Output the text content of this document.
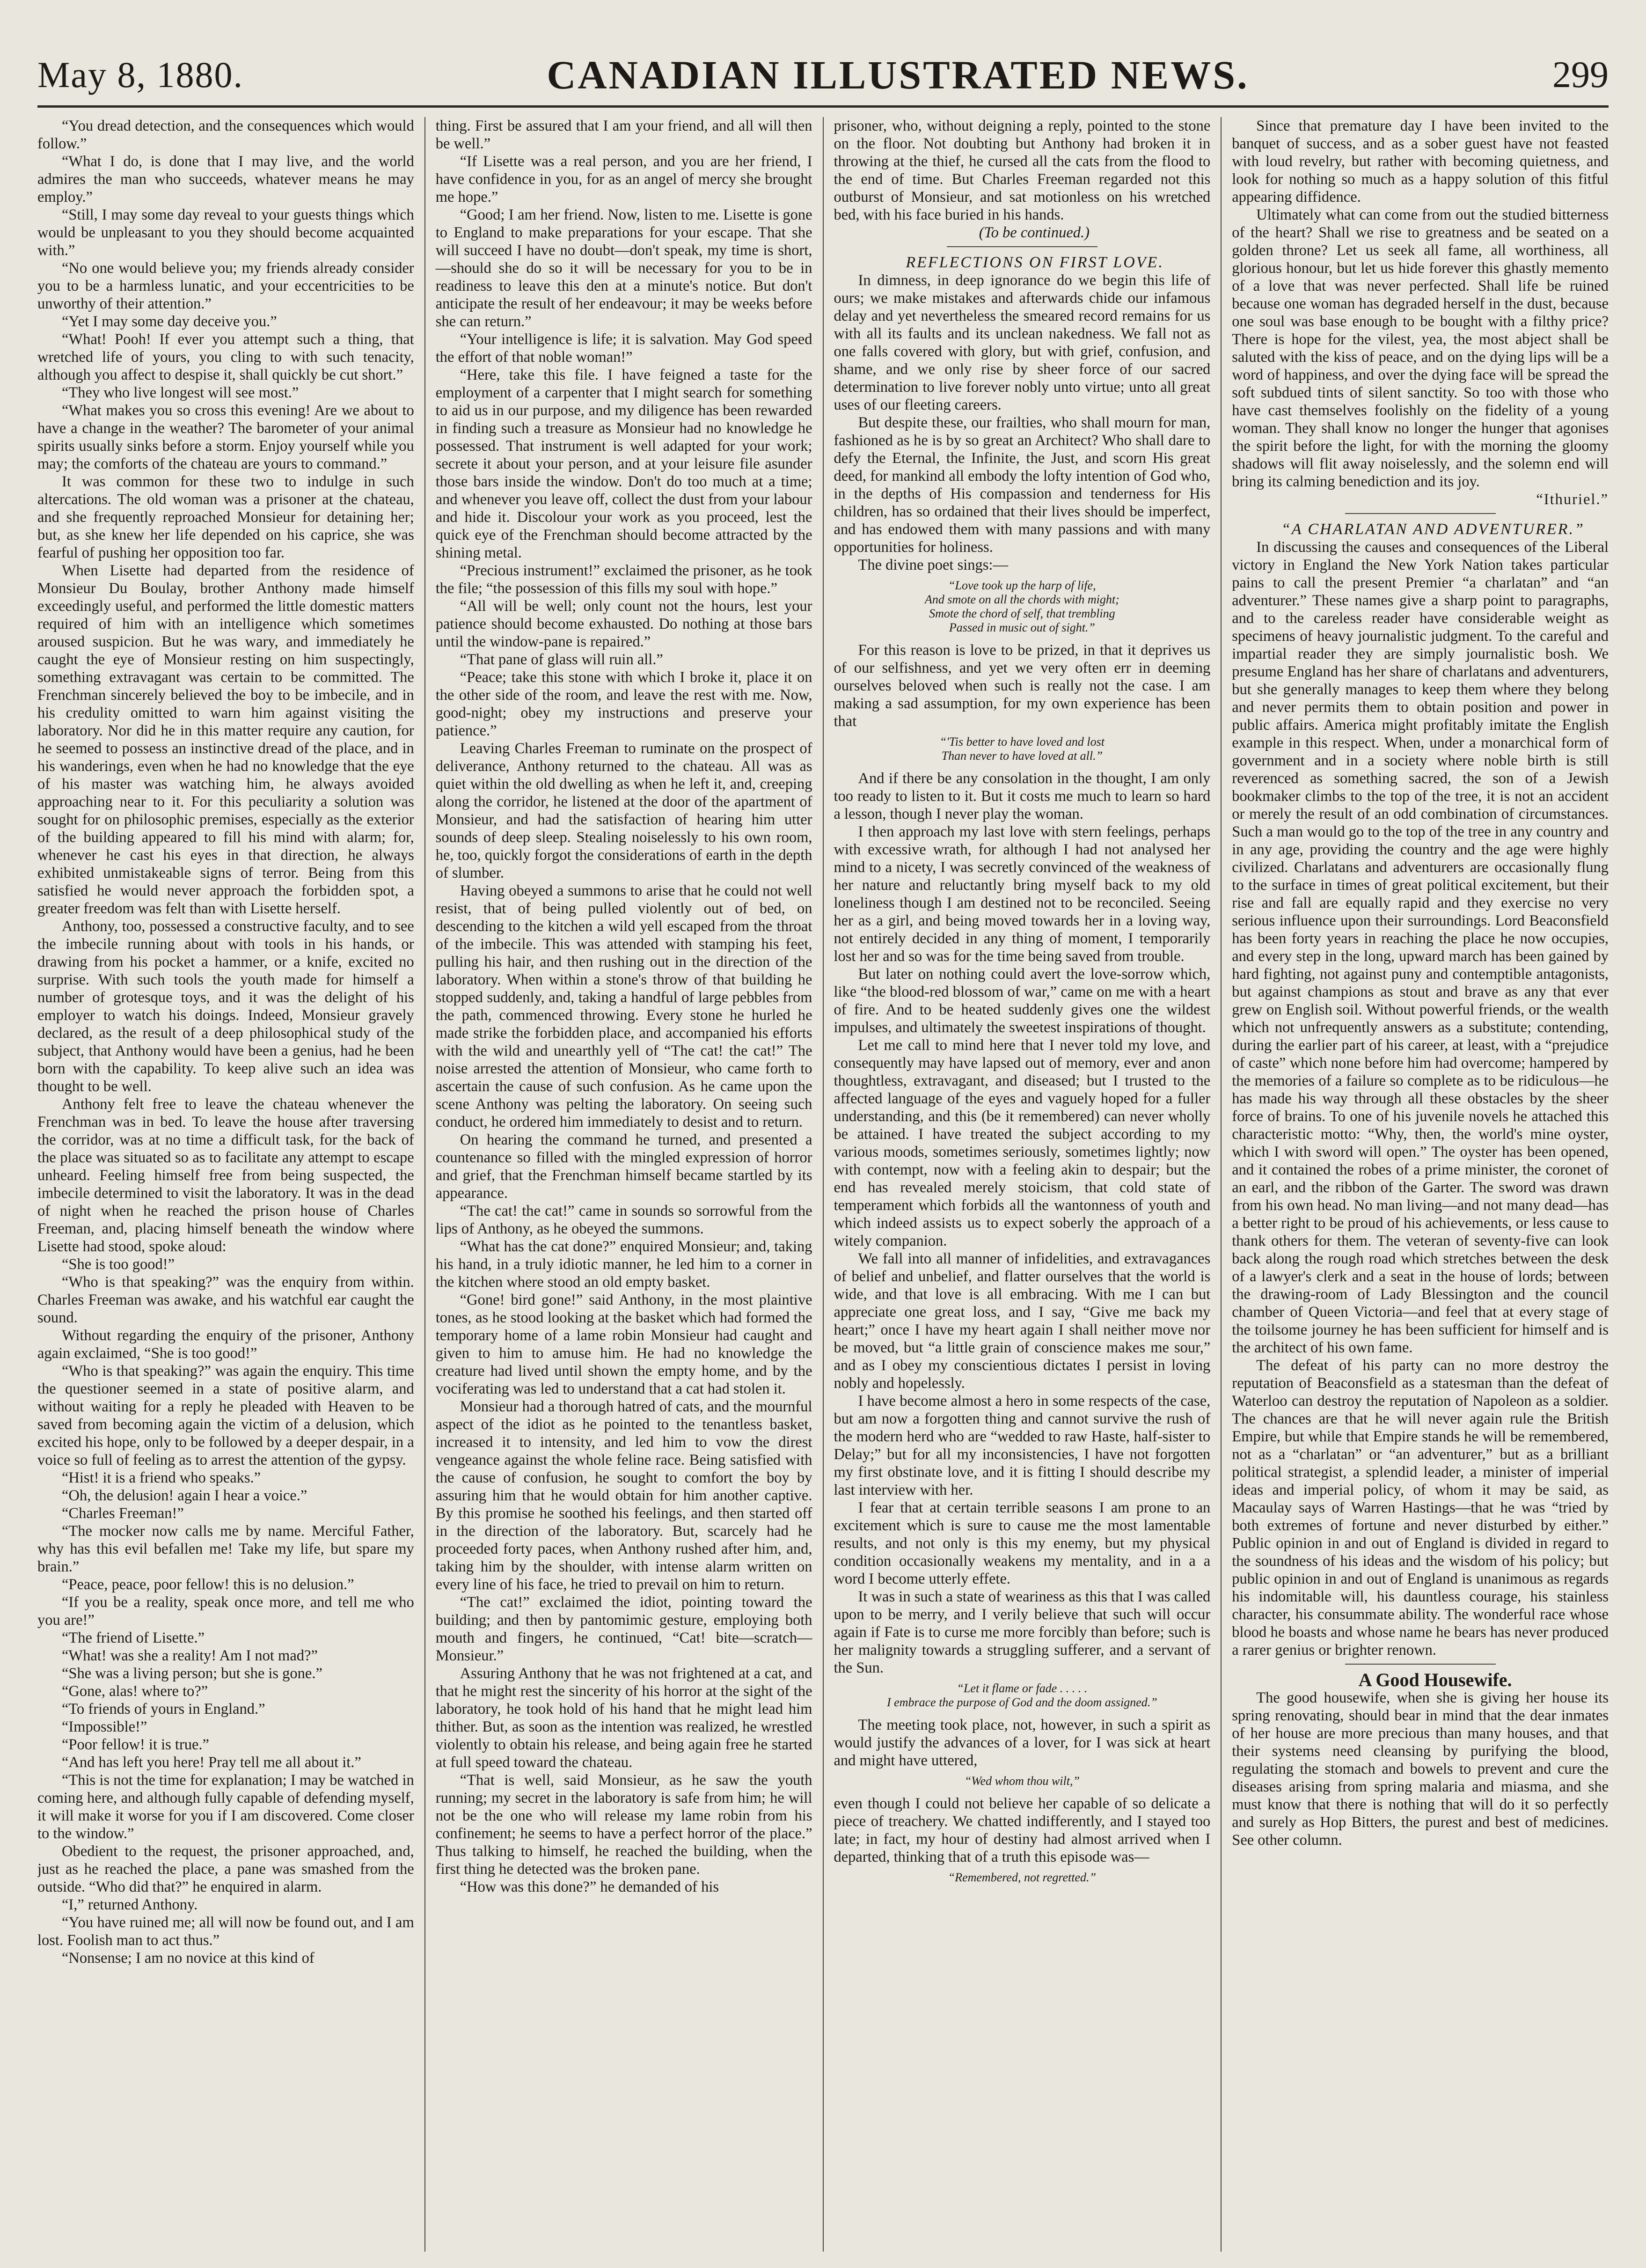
May 8, 1880.	CANADIAN ILLUSTRATED NEWS.	299

“You dread detection, and the consequences which would follow.”

“What I do, is done that I may live, and the world admires the man who succeeds, whatever means he may employ.”

“Still, I may some day reveal to your guests things which would be unpleasant to you they should become acquainted with.”

“No one would believe you; my friends already consider you to be a harmless lunatic, and your eccentricities to be unworthy of their attention.”

“Yet I may some day deceive you.”

“What! Pooh! If ever you attempt such a thing, that wretched life of yours, you cling to with such tenacity, although you affect to despise it, shall quickly be cut short.”

“They who live longest will see most.”

“What makes you so cross this evening! Are we about to have a change in the weather? The barometer of your animal spirits usually sinks before a storm. Enjoy yourself while you may; the comforts of the chateau are yours to command.”

It was common for these two to indulge in such altercations. The old woman was a prisoner at the chateau, and she frequently reproached Monsieur for detaining her; but, as she knew her life depended on his caprice, she was fearful of pushing her opposition too far.

When Lisette had departed from the residence of Monsieur Du Boulay, brother Anthony made himself exceedingly useful, and performed the little domestic matters required of him with an intelligence which sometimes aroused suspicion. But he was wary, and immediately he caught the eye of Monsieur resting on him suspectingly, something extravagant was certain to be committed. The Frenchman sincerely believed the boy to be imbecile, and in his credulity omitted to warn him against visiting the laboratory. Nor did he in this matter require any caution, for he seemed to possess an instinctive dread of the place, and in his wanderings, even when he had no knowledge that the eye of his master was watching him, he always avoided approaching near to it. For this peculiarity a solution was sought for on philosophic premises, especially as the exterior of the building appeared to fill his mind with alarm; for, whenever he cast his eyes in that direction, he always exhibited unmistakeable signs of terror. Being from this satisfied he would never approach the forbidden spot, a greater freedom was felt than with Lisette herself.

Anthony, too, possessed a constructive faculty, and to see the imbecile running about with tools in his hands, or drawing from his pocket a hammer, or a knife, excited no surprise. With such tools the youth made for himself a number of grotesque toys, and it was the delight of his employer to watch his doings. Indeed, Monsieur gravely declared, as the result of a deep philosophical study of the subject, that Anthony would have been a genius, had he been born with the capability. To keep alive such an idea was thought to be well.

Anthony felt free to leave the chateau whenever the Frenchman was in bed. To leave the house after traversing the corridor, was at no time a difficult task, for the back of the place was situated so as to facilitate any attempt to escape unheard. Feeling himself free from being suspected, the imbecile determined to visit the laboratory. It was in the dead of night when he reached the prison house of Charles Freeman, and, placing himself beneath the window where Lisette had stood, spoke aloud:

“She is too good!”

“Who is that speaking?” was the enquiry from within. Charles Freeman was awake, and his watchful ear caught the sound.

Without regarding the enquiry of the prisoner, Anthony again exclaimed, “She is too good!”

“Who is that speaking?” was again the enquiry. This time the questioner seemed in a state of positive alarm, and without waiting for a reply he pleaded with Heaven to be saved from becoming again the victim of a delusion, which excited his hope, only to be followed by a deeper despair, in a voice so full of feeling as to arrest the attention of the gypsy.

“Hist! it is a friend who speaks.”

“Oh, the delusion! again I hear a voice.”

“Charles Freeman!”

“The mocker now calls me by name. Merciful Father, why has this evil befallen me! Take my life, but spare my brain.”

“Peace, peace, poor fellow! this is no delusion.”

“If you be a reality, speak once more, and tell me who you are!”

“The friend of Lisette.”

“What! was she a reality! Am I not mad?”

“She was a living person; but she is gone.”

“Gone, alas! where to?”

“To friends of yours in England.”

“Impossible!”

“Poor fellow! it is true.”

“And has left you here! Pray tell me all about it.”

“This is not the time for explanation; I may be watched in coming here, and although fully capable of defending myself, it will make it worse for you if I am discovered. Come closer to the window.”

Obedient to the request, the prisoner approached, and, just as he reached the place, a pane was smashed from the outside. “Who did that?” he enquired in alarm.

“I,” returned Anthony.

“You have ruined me; all will now be found out, and I am lost. Foolish man to act thus.”

“Nonsense; I am no novice at this kind of

thing. First be assured that I am your friend, and all will then be well.”

“If Lisette was a real person, and you are her friend, I have confidence in you, for as an angel of mercy she brought me hope.”

“Good; I am her friend. Now, listen to me. Lisette is gone to England to make preparations for your escape. That she will succeed I have no doubt—don't speak, my time is short,—should she do so it will be necessary for you to be in readiness to leave this den at a minute's notice. But don't anticipate the result of her endeavour; it may be weeks before she can return.”

“Your intelligence is life; it is salvation. May God speed the effort of that noble woman!”

“Here, take this file. I have feigned a taste for the employment of a carpenter that I might search for something to aid us in our purpose, and my diligence has been rewarded in finding such a treasure as Monsieur had no knowledge he possessed. That instrument is well adapted for your work; secrete it about your person, and at your leisure file asunder those bars inside the window. Don't do too much at a time; and whenever you leave off, collect the dust from your labour and hide it. Discolour your work as you proceed, lest the quick eye of the Frenchman should become attracted by the shining metal.

“Precious instrument!” exclaimed the prisoner, as he took the file; “the possession of this fills my soul with hope.”

“All will be well; only count not the hours, lest your patience should become exhausted. Do nothing at those bars until the window-pane is repaired.”

“That pane of glass will ruin all.”

“Peace; take this stone with which I broke it, place it on the other side of the room, and leave the rest with me. Now, good-night; obey my instructions and preserve your patience.”

Leaving Charles Freeman to ruminate on the prospect of deliverance, Anthony returned to the chateau. All was as quiet within the old dwelling as when he left it, and, creeping along the corridor, he listened at the door of the apartment of Monsieur, and had the satisfaction of hearing him utter sounds of deep sleep. Stealing noiselessly to his own room, he, too, quickly forgot the considerations of earth in the depth of slumber.

Having obeyed a summons to arise that he could not well resist, that of being pulled violently out of bed, on descending to the kitchen a wild yell escaped from the throat of the imbecile. This was attended with stamping his feet, pulling his hair, and then rushing out in the direction of the laboratory. When within a stone's throw of that building he stopped suddenly, and, taking a handful of large pebbles from the path, commenced throwing. Every stone he hurled he made strike the forbidden place, and accompanied his efforts with the wild and unearthly yell of “The cat! the cat!” The noise arrested the attention of Monsieur, who came forth to ascertain the cause of such confusion. As he came upon the scene Anthony was pelting the laboratory. On seeing such conduct, he ordered him immediately to desist and to return.

On hearing the command he turned, and presented a countenance so filled with the mingled expression of horror and grief, that the Frenchman himself became startled by its appearance.

“The cat! the cat!” came in sounds so sorrowful from the lips of Anthony, as he obeyed the summons.

“What has the cat done?” enquired Monsieur; and, taking his hand, in a truly idiotic manner, he led him to a corner in the kitchen where stood an old empty basket.

“Gone! bird gone!” said Anthony, in the most plaintive tones, as he stood looking at the basket which had formed the temporary home of a lame robin Monsieur had caught and given to him to amuse him. He had no knowledge the creature had lived until shown the empty home, and by the vociferating was led to understand that a cat had stolen it.

Monsieur had a thorough hatred of cats, and the mournful aspect of the idiot as he pointed to the tenantless basket, increased it to intensity, and led him to vow the direst vengeance against the whole feline race. Being satisfied with the cause of confusion, he sought to comfort the boy by assuring him that he would obtain for him another captive. By this promise he soothed his feelings, and then started off in the direction of the laboratory. But, scarcely had he proceeded forty paces, when Anthony rushed after him, and, taking him by the shoulder, with intense alarm written on every line of his face, he tried to prevail on him to return.

“The cat!” exclaimed the idiot, pointing toward the building; and then by pantomimic gesture, employing both mouth and fingers, he continued, “Cat! bite—scratch—Monsieur.”

Assuring Anthony that he was not frightened at a cat, and that he might rest the sincerity of his horror at the sight of the laboratory, he took hold of his hand that he might lead him thither. But, as soon as the intention was realized, he wrestled violently to obtain his release, and being again free he started at full speed toward the chateau.

“That is well, said Monsieur, as he saw the youth running; my secret in the laboratory is safe from him; he will not be the one who will release my lame robin from his confinement; he seems to have a perfect horror of the place.” Thus talking to himself, he reached the building, when the first thing he detected was the broken pane.

“How was this done?” he demanded of his

prisoner, who, without deigning a reply, pointed to the stone on the floor. Not doubting but Anthony had broken it in throwing at the thief, he cursed all the cats from the flood to the end of time. But Charles Freeman regarded not this outburst of Monsieur, and sat motionless on his wretched bed, with his face buried in his hands.

(To be continued.)

REFLECTIONS ON FIRST LOVE.

In dimness, in deep ignorance do we begin this life of ours; we make mistakes and afterwards chide our infamous delay and yet nevertheless the smeared record remains for us with all its faults and its unclean nakedness. We fall not as one falls covered with glory, but with grief, confusion, and shame, and we only rise by sheer force of our sacred determination to live forever nobly unto virtue; unto all great uses of our fleeting careers.

But despite these, our frailties, who shall mourn for man, fashioned as he is by so great an Architect? Who shall dare to defy the Eternal, the Infinite, the Just, and scorn His great deed, for mankind all embody the lofty intention of God who, in the depths of His compassion and tenderness for His children, has so ordained that their lives should be imperfect, and has endowed them with many passions and with many opportunities for holiness.

The divine poet sings:—

“Love took up the harp of life,
And smote on all the chords with might;
Smote the chord of self, that trembling
Passed in music out of sight.”

For this reason is love to be prized, in that it deprives us of our selfishness, and yet we very often err in deeming ourselves beloved when such is really not the case. I am making a sad assumption, for my own experience has been that

“'Tis better to have loved and lost
Than never to have loved at all.”

And if there be any consolation in the thought, I am only too ready to listen to it. But it costs me much to learn so hard a lesson, though I never play the woman.

I then approach my last love with stern feelings, perhaps with excessive wrath, for although I had not analysed her mind to a nicety, I was secretly convinced of the weakness of her nature and reluctantly bring myself back to my old loneliness though I am destined not to be reconciled. Seeing her as a girl, and being moved towards her in a loving way, not entirely decided in any thing of moment, I temporarily lost her and so was for the time being saved from trouble.

But later on nothing could avert the love-sorrow which, like “the blood-red blossom of war,” came on me with a heart of fire. And to be heated suddenly gives one the wildest impulses, and ultimately the sweetest inspirations of thought.

Let me call to mind here that I never told my love, and consequently may have lapsed out of memory, ever and anon thoughtless, extravagant, and diseased; but I trusted to the affected language of the eyes and vaguely hoped for a fuller understanding, and this (be it remembered) can never wholly be attained. I have treated the subject according to my various moods, sometimes seriously, sometimes lightly; now with contempt, now with a feeling akin to despair; but the end has revealed merely stoicism, that cold state of temperament which forbids all the wantonness of youth and which indeed assists us to expect soberly the approach of a witely companion.

We fall into all manner of infidelities, and extravagances of belief and unbelief, and flatter ourselves that the world is wide, and that love is all embracing. With me I can but appreciate one great loss, and I say, “Give me back my heart;” once I have my heart again I shall neither move nor be moved, but “a little grain of conscience makes me sour,” and as I obey my conscientious dictates I persist in loving nobly and hopelessly.

I have become almost a hero in some respects of the case, but am now a forgotten thing and cannot survive the rush of the modern herd who are “wedded to raw Haste, half-sister to Delay;” but for all my inconsistencies, I have not forgotten my first obstinate love, and it is fitting I should describe my last interview with her.

I fear that at certain terrible seasons I am prone to an excitement which is sure to cause me the most lamentable results, and not only is this my enemy, but my physical condition occasionally weakens my mentality, and in a a word I become utterly effete.

It was in such a state of weariness as this that I was called upon to be merry, and I verily believe that such will occur again if Fate is to curse me more forcibly than before; such is her malignity towards a struggling sufferer, and a servant of the Sun.

“Let it flame or fade . . . . .
I embrace the purpose of God and the doom assigned.”

The meeting took place, not, however, in such a spirit as would justify the advances of a lover, for I was sick at heart and might have uttered,

“Wed whom thou wilt,”

even though I could not believe her capable of so delicate a piece of treachery. We chatted indifferently, and I stayed too late; in fact, my hour of destiny had almost arrived when I departed, thinking that of a truth this episode was—

“Remembered, not regretted.”

Since that premature day I have been invited to the banquet of success, and as a sober guest have not feasted with loud revelry, but rather with becoming quietness, and look for nothing so much as a happy solution of this fitful appearing diffidence.

Ultimately what can come from out the studied bitterness of the heart? Shall we rise to greatness and be seated on a golden throne? Let us seek all fame, all worthiness, all glorious honour, but let us hide forever this ghastly memento of a love that was never perfected. Shall life be ruined because one woman has degraded herself in the dust, because one soul was base enough to be bought with a filthy price? There is hope for the vilest, yea, the most abject shall be saluted with the kiss of peace, and on the dying lips will be a word of happiness, and over the dying face will be spread the soft subdued tints of silent sanctity. So too with those who have cast themselves foolishly on the fidelity of a young woman. They shall know no longer the hunger that agonises the spirit before the light, for with the morning the gloomy shadows will flit away noiselessly, and the solemn end will bring its calming benediction and its joy.

“Ithuriel.”

“A CHARLATAN AND ADVENTURER.”

In discussing the causes and consequences of the Liberal victory in England the New York Nation takes particular pains to call the present Premier “a charlatan” and “an adventurer.” These names give a sharp point to paragraphs, and to the careless reader have considerable weight as specimens of heavy journalistic judgment. To the careful and impartial reader they are simply journalistic bosh. We presume England has her share of charlatans and adventurers, but she generally manages to keep them where they belong and never permits them to obtain position and power in public affairs. America might profitably imitate the English example in this respect. When, under a monarchical form of government and in a society where noble birth is still reverenced as something sacred, the son of a Jewish bookmaker climbs to the top of the tree, it is not an accident or merely the result of an odd combination of circumstances. Such a man would go to the top of the tree in any country and in any age, providing the country and the age were highly civilized. Charlatans and adventurers are occasionally flung to the surface in times of great political excitement, but their rise and fall are equally rapid and they exercise no very serious influence upon their surroundings. Lord Beaconsfield has been forty years in reaching the place he now occupies, and every step in the long, upward march has been gained by hard fighting, not against puny and contemptible antagonists, but against champions as stout and brave as any that ever grew on English soil. Without powerful friends, or the wealth which not unfrequently answers as a substitute; contending, during the earlier part of his career, at least, with a “prejudice of caste” which none before him had overcome; hampered by the memories of a failure so complete as to be ridiculous—he has made his way through all these obstacles by the sheer force of brains. To one of his juvenile novels he attached this characteristic motto: “Why, then, the world's mine oyster, which I with sword will open.” The oyster has been opened, and it contained the robes of a prime minister, the coronet of an earl, and the ribbon of the Garter. The sword was drawn from his own head. No man living—and not many dead—has a better right to be proud of his achievements, or less cause to thank others for them. The veteran of seventy-five can look back along the rough road which stretches between the desk of a lawyer's clerk and a seat in the house of lords; between the drawing-room of Lady Blessington and the council chamber of Queen Victoria—and feel that at every stage of the toilsome journey he has been sufficient for himself and is the architect of his own fame.

The defeat of his party can no more destroy the reputation of Beaconsfield as a statesman than the defeat of Waterloo can destroy the reputation of Napoleon as a soldier. The chances are that he will never again rule the British Empire, but while that Empire stands he will be remembered, not as a “charlatan” or “an adventurer,” but as a brilliant political strategist, a splendid leader, a minister of imperial ideas and imperial policy, of whom it may be said, as Macaulay says of Warren Hastings—that he was “tried by both extremes of fortune and never disturbed by either.” Public opinion in and out of England is divided in regard to the soundness of his ideas and the wisdom of his policy; but public opinion in and out of England is unanimous as regards his indomitable will, his dauntless courage, his stainless character, his consummate ability. The wonderful race whose blood he boasts and whose name he bears has never produced a rarer genius or brighter renown.

A Good Housewife.

The good housewife, when she is giving her house its spring renovating, should bear in mind that the dear inmates of her house are more precious than many houses, and that their systems need cleansing by purifying the blood, regulating the stomach and bowels to prevent and cure the diseases arising from spring malaria and miasma, and she must know that there is nothing that will do it so perfectly and surely as Hop Bitters, the purest and best of medicines. See other column.
